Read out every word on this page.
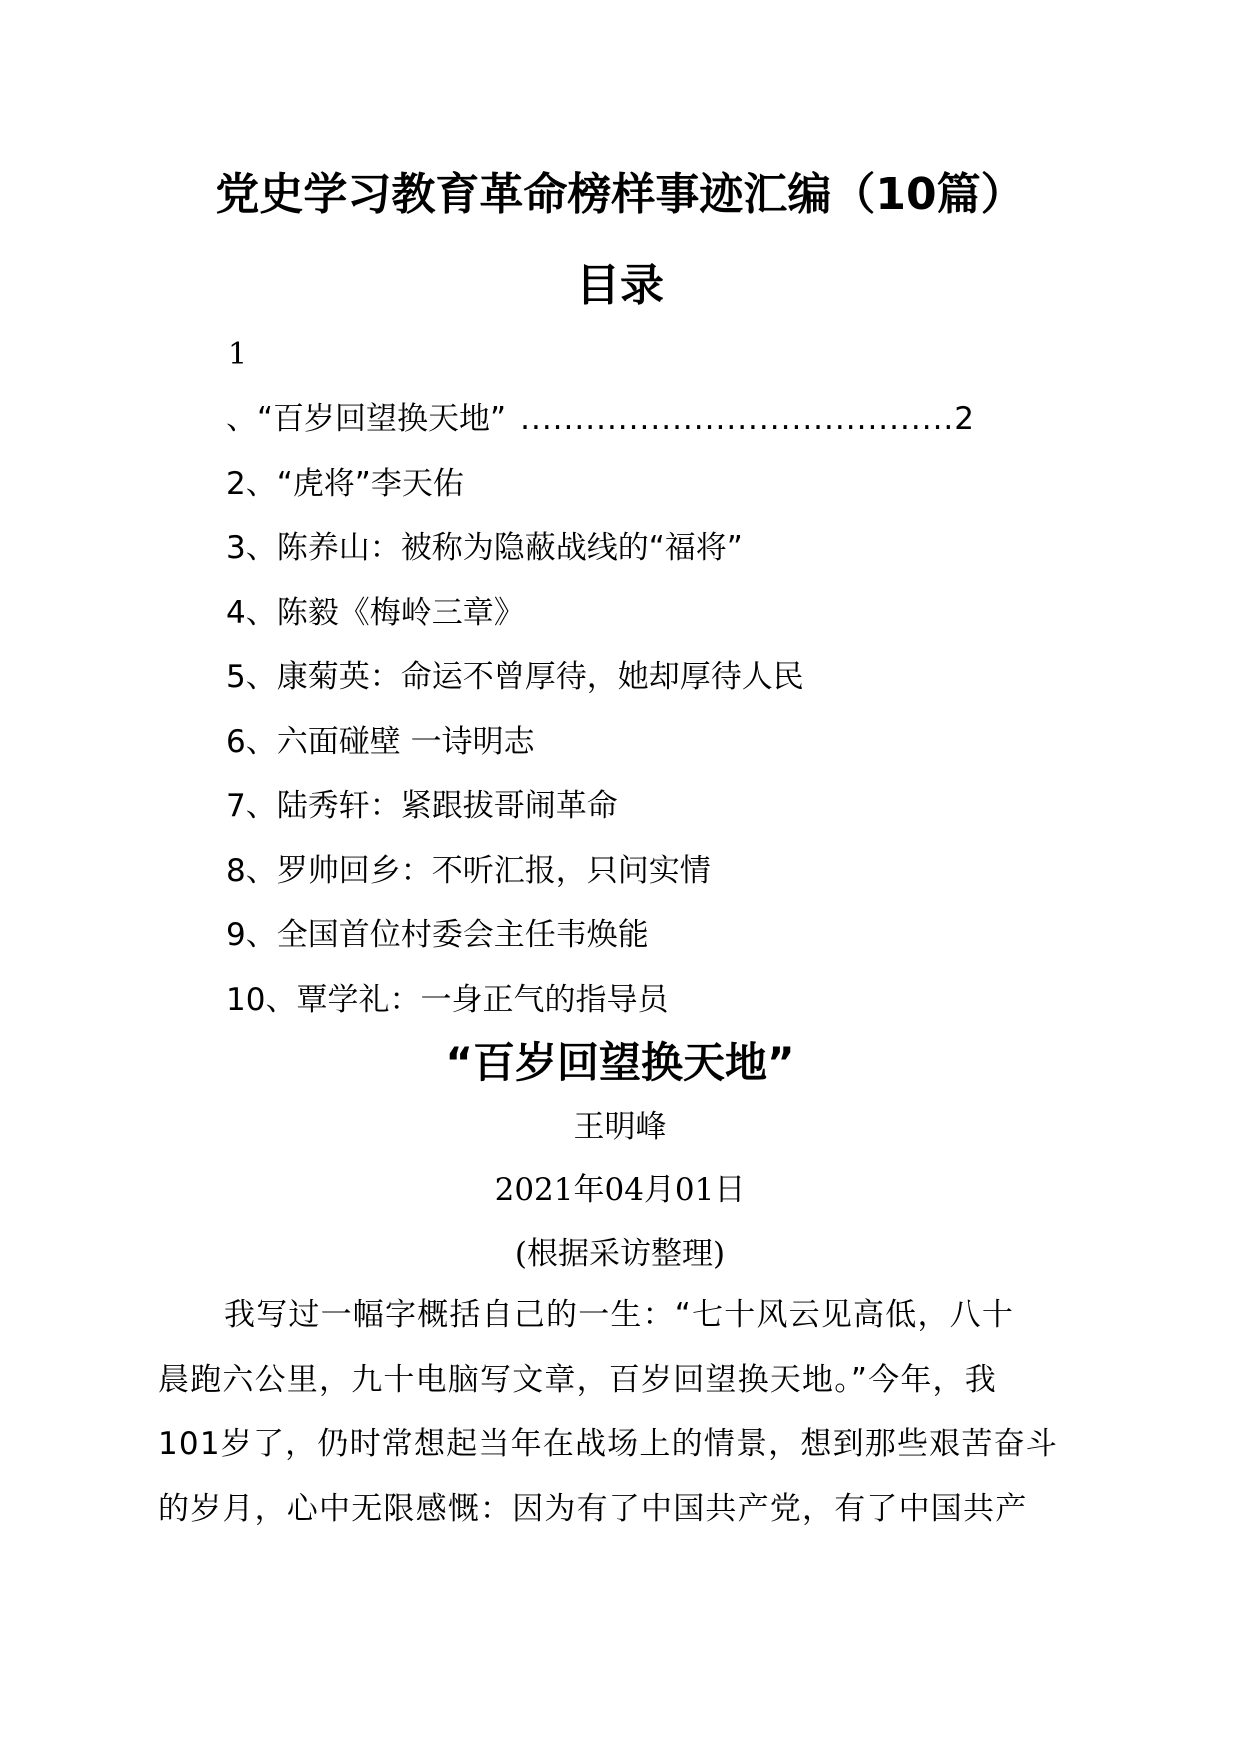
党史学习教育革命榜样事迹汇编（10篇）
目录
1
、“百岁回望换天地” ........................................ 2
2、“虎将”李天佑
3、陈养山：被称为隐蔽战线的“福将”
4、陈毅《梅岭三章》
5、康菊英：命运不曾厚待，她却厚待人民
6、六面碰壁 一诗明志
7、陆秀轩：紧跟拔哥闹革命
8、罗帅回乡：不听汇报，只问实情
9、全国首位村委会主任韦焕能
10、覃学礼：一身正气的指导员
“百岁回望换天地”
王明峰
2021年04月01日
(根据采访整理)
我写过一幅字概括自己的一生：“七十风云见高低，八十
晨跑六公里，九十电脑写文章，百岁回望换天地。”今年，我
101岁了，仍时常想起当年在战场上的情景，想到那些艰苦奋斗
的岁月，心中无限感慨：因为有了中国共产党，有了中国共产
